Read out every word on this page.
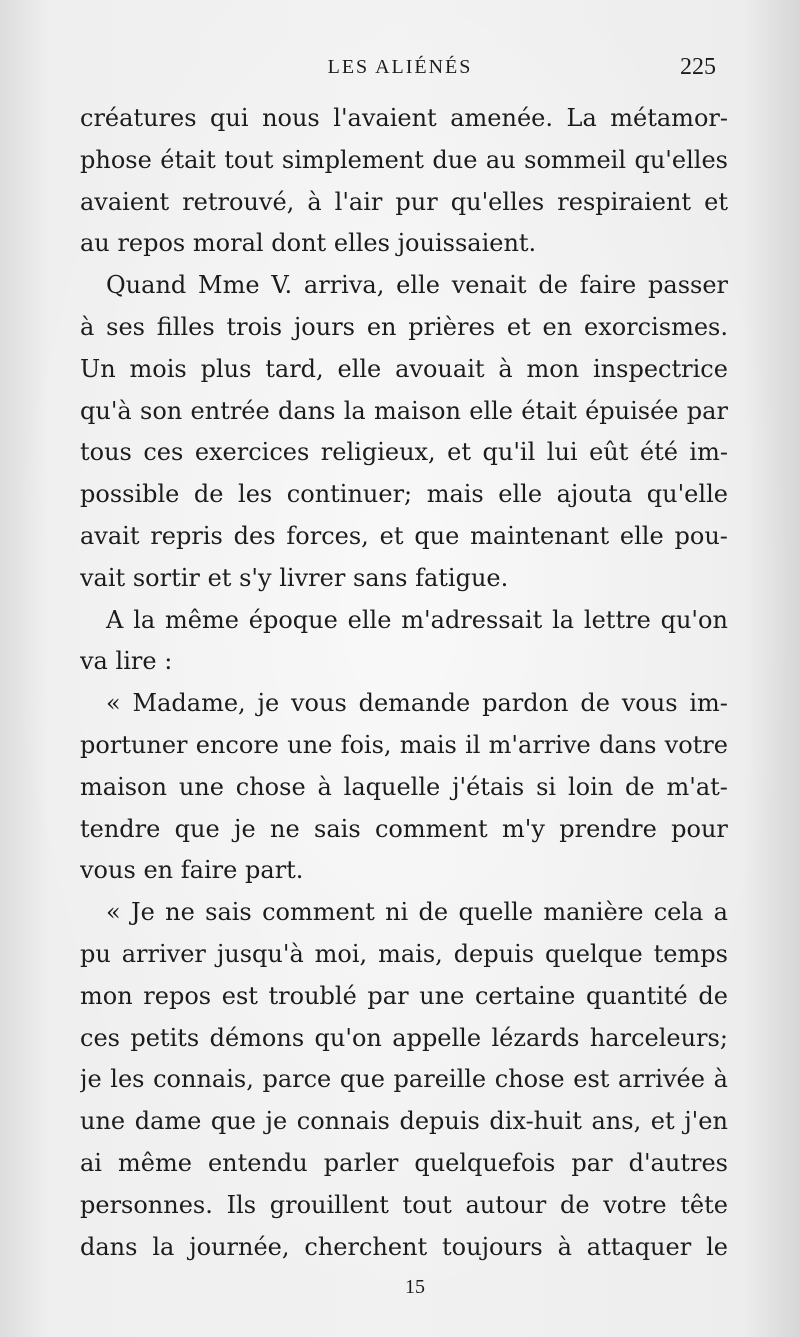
LES ALIÉNÉS	225
créatures qui nous l'avaient amenée. La métamor-
phose était tout simplement due au sommeil qu'elles
avaient retrouvé, à l'air pur qu'elles respiraient et
au repos moral dont elles jouissaient.
Quand Mme V. arriva, elle venait de faire passer
à ses filles trois jours en prières et en exorcismes.
Un mois plus tard, elle avouait à mon inspectrice
qu'à son entrée dans la maison elle était épuisée par
tous ces exercices religieux, et qu'il lui eût été im-
possible de les continuer; mais elle ajouta qu'elle
avait repris des forces, et que maintenant elle pou-
vait sortir et s'y livrer sans fatigue.
A la même époque elle m'adressait la lettre qu'on
va lire :
« Madame, je vous demande pardon de vous im-
portuner encore une fois, mais il m'arrive dans votre
maison une chose à laquelle j'étais si loin de m'at-
tendre que je ne sais comment m'y prendre pour
vous en faire part.
« Je ne sais comment ni de quelle manière cela a
pu arriver jusqu'à moi, mais, depuis quelque temps
mon repos est troublé par une certaine quantité de
ces petits démons qu'on appelle lézards harceleurs;
je les connais, parce que pareille chose est arrivée à
une dame que je connais depuis dix-huit ans, et j'en
ai même entendu parler quelquefois par d'autres
personnes. Ils grouillent tout autour de votre tête
dans la journée, cherchent toujours à attaquer le
15
